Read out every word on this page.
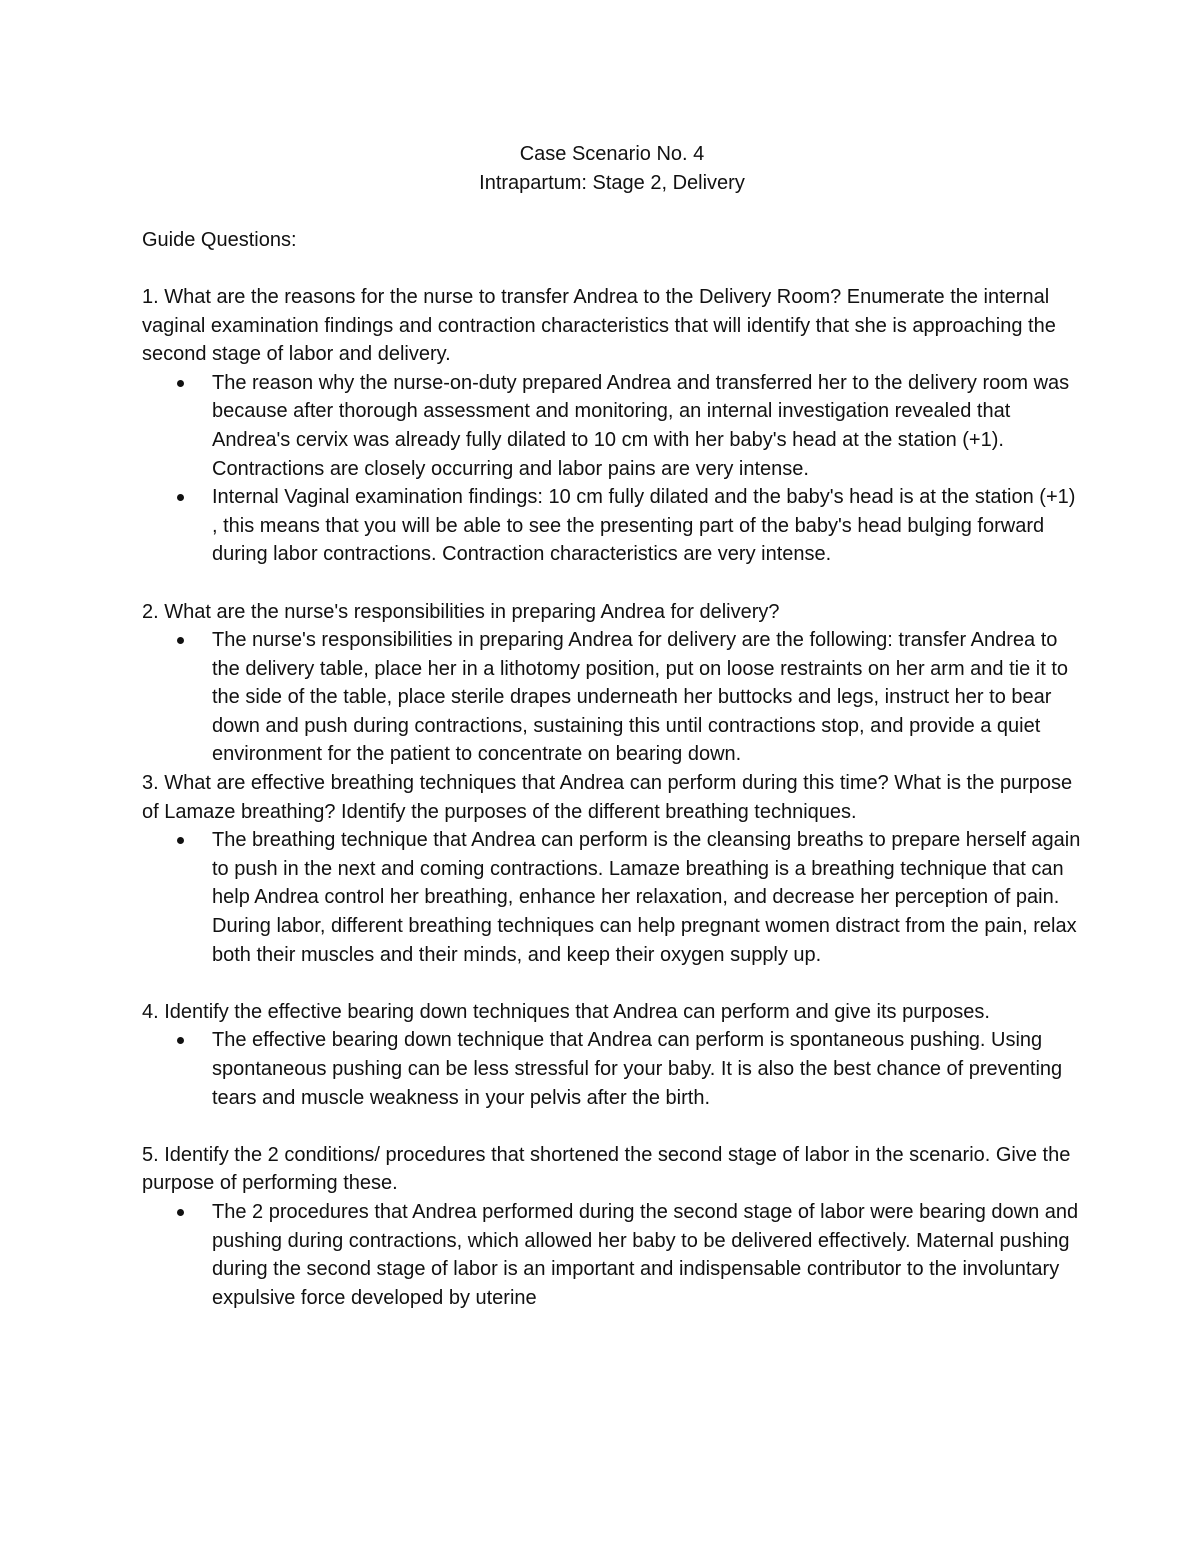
Case Scenario No. 4
Intrapartum: Stage 2, Delivery
Guide Questions:
1. What are the reasons for the nurse to transfer Andrea to the Delivery Room? Enumerate the internal vaginal examination findings and contraction characteristics that will identify that she is approaching the second stage of labor and delivery.
The reason why the nurse-on-duty prepared Andrea and transferred her to the delivery room was because after thorough assessment and monitoring, an internal investigation revealed that Andrea's cervix was already fully dilated to 10 cm with her baby's head at the station (+1). Contractions are closely occurring and labor pains are very intense.
Internal Vaginal examination findings: 10 cm fully dilated and the baby's head is at the station (+1) , this means that you will be able to see the presenting part of the baby's head bulging forward during labor contractions. Contraction characteristics are very intense.
2. What are the nurse's responsibilities in preparing Andrea for delivery?
The nurse's responsibilities in preparing Andrea for delivery are the following: transfer Andrea to the delivery table, place her in a lithotomy position, put on loose restraints on her arm and tie it to the side of the table, place sterile drapes underneath her buttocks and legs, instruct her to bear down and push during contractions, sustaining this until contractions stop, and provide a quiet environment for the patient to concentrate on bearing down.
3. What are effective breathing techniques that Andrea can perform during this time? What is the purpose of Lamaze breathing? Identify the purposes of the different breathing techniques.
The breathing technique that Andrea can perform is the cleansing breaths to prepare herself again to push in the next and coming contractions. Lamaze breathing is a breathing technique that can help Andrea control her breathing, enhance her relaxation, and decrease her perception of pain. During labor, different breathing techniques can help pregnant women distract from the pain, relax both their muscles and their minds, and keep their oxygen supply up.
4. Identify the effective bearing down techniques that Andrea can perform and give its purposes.
The effective bearing down technique that Andrea can perform is spontaneous pushing. Using spontaneous pushing can be less stressful for your baby. It is also the best chance of preventing tears and muscle weakness in your pelvis after the birth.
5. Identify the 2 conditions/ procedures that shortened the second stage of labor in the scenario. Give the purpose of performing these.
The 2 procedures that Andrea performed during the second stage of labor were bearing down and pushing during contractions, which allowed her baby to be delivered effectively. Maternal pushing during the second stage of labor is an important and indispensable contributor to the involuntary expulsive force developed by uterine
